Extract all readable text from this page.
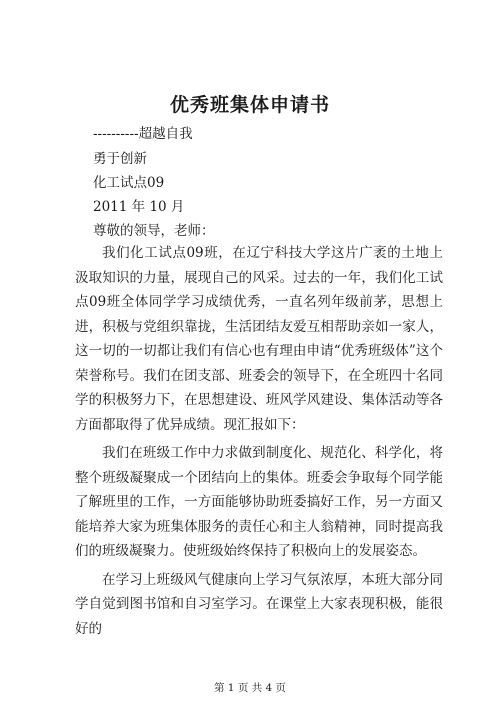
优秀班集体申请书

----------超越自我

勇于创新

化工试点09

2011 年 10 月

尊敬的领导，老师：

我们化工试点09班，在辽宁科技大学这片广袤的土地上汲取知识的力量，展现自己的风采。过去的一年，我们化工试点09班全体同学学习成绩优秀，一直名列年级前茅，思想上进，积极与党组织靠拢，生活团结友爱互相帮助亲如一家人，这一切的一切都让我们有信心也有理由申请“优秀班级体”这个荣誉称号。我们在团支部、班委会的领导下，在全班四十名同学的积极努力下，在思想建设、班风学风建设、集体活动等各方面都取得了优异成绩。现汇报如下：

我们在班级工作中力求做到制度化、规范化、科学化，将整个班级凝聚成一个团结向上的集体。班委会争取每个同学能了解班里的工作，一方面能够协助班委搞好工作，另一方面又能培养大家为班集体服务的责任心和主人翁精神，同时提高我们的班级凝聚力。使班级始终保持了积极向上的发展姿态。

在学习上班级风气健康向上学习气氛浓厚，本班大部分同学自觉到图书馆和自习室学习。在课堂上大家表现积极，能很好的

第 1 页 共 4 页
